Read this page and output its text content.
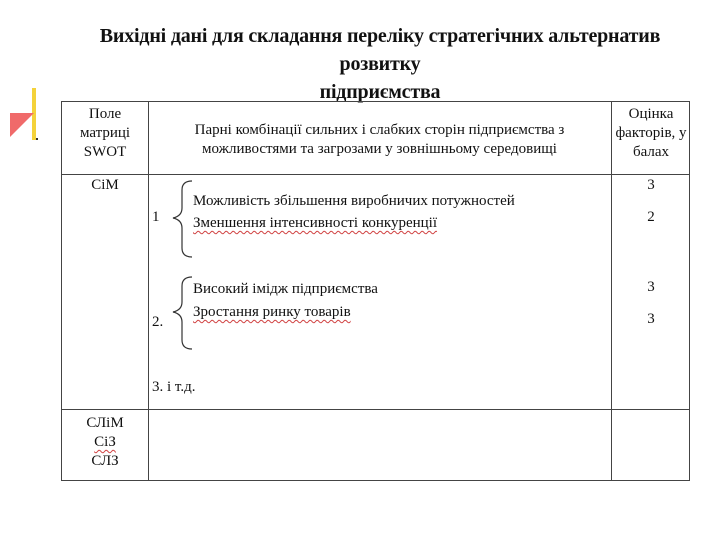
Вихідні дані для складання переліку стратегічних альтернатив розвитку
підприємства
Поле
матриці
SWOT
Парні комбінації сильних і слабких сторін підприємства з
можливостями та загрозами у зовнішньому середовищі
Оцінка
факторів, у
балах
СіМ
1
Можливість збільшення виробничих потужностей
Зменшення інтенсивності конкуренції
3
2
2.
Високий імідж підприємства
Зростання ринку товарів
3
3
3. і т.д.
СЛіМ
СіЗ
СЛЗ
